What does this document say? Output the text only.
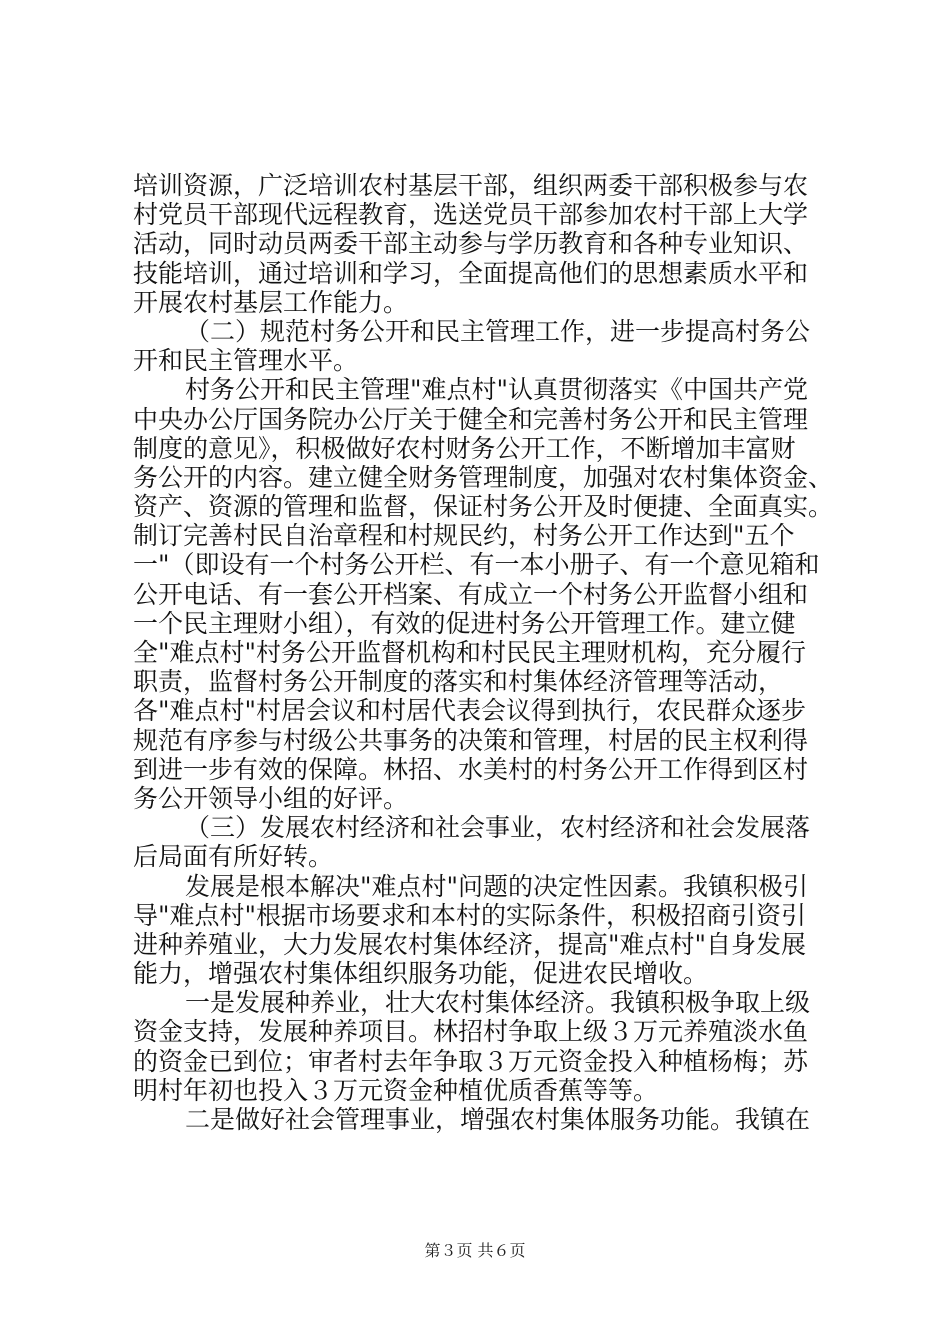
培训资源，广泛培训农村基层干部，组织两委干部积极参与农
村党员干部现代远程教育，选送党员干部参加农村干部上大学
活动，同时动员两委干部主动参与学历教育和各种专业知识、
技能培训，通过培训和学习，全面提高他们的思想素质水平和
开展农村基层工作能力。
（二）规范村务公开和民主管理工作，进一步提高村务公
开和民主管理水平。
村务公开和民主管理"难点村"认真贯彻落实《中国共产党
中央办公厅国务院办公厅关于健全和完善村务公开和民主管理
制度的意见》，积极做好农村财务公开工作，不断增加丰富财
务公开的内容。建立健全财务管理制度，加强对农村集体资金、
资产、资源的管理和监督，保证村务公开及时便捷、全面真实。
制订完善村民自治章程和村规民约，村务公开工作达到"五个
一"（即设有一个村务公开栏、有一本小册子、有一个意见箱和
公开电话、有一套公开档案、有成立一个村务公开监督小组和
一个民主理财小组），有效的促进村务公开管理工作。建立健
全"难点村"村务公开监督机构和村民民主理财机构，充分履行
职责，监督村务公开制度的落实和村集体经济管理等活动，
各"难点村"村居会议和村居代表会议得到执行，农民群众逐步
规范有序参与村级公共事务的决策和管理，村居的民主权利得
到进一步有效的保障。林招、水美村的村务公开工作得到区村
务公开领导小组的好评。
（三）发展农村经济和社会事业，农村经济和社会发展落
后局面有所好转。
发展是根本解决"难点村"问题的决定性因素。我镇积极引
导"难点村"根据市场要求和本村的实际条件，积极招商引资引
进种养殖业，大力发展农村集体经济，提高"难点村"自身发展
能力，增强农村集体组织服务功能，促进农民增收。
一是发展种养业，壮大农村集体经济。我镇积极争取上级
资金支持，发展种养项目。林招村争取上级３万元养殖淡水鱼
的资金已到位；审者村去年争取３万元资金投入种植杨梅；苏
明村年初也投入３万元资金种植优质香蕉等等。
二是做好社会管理事业，增强农村集体服务功能。我镇在
第３页 共６页
